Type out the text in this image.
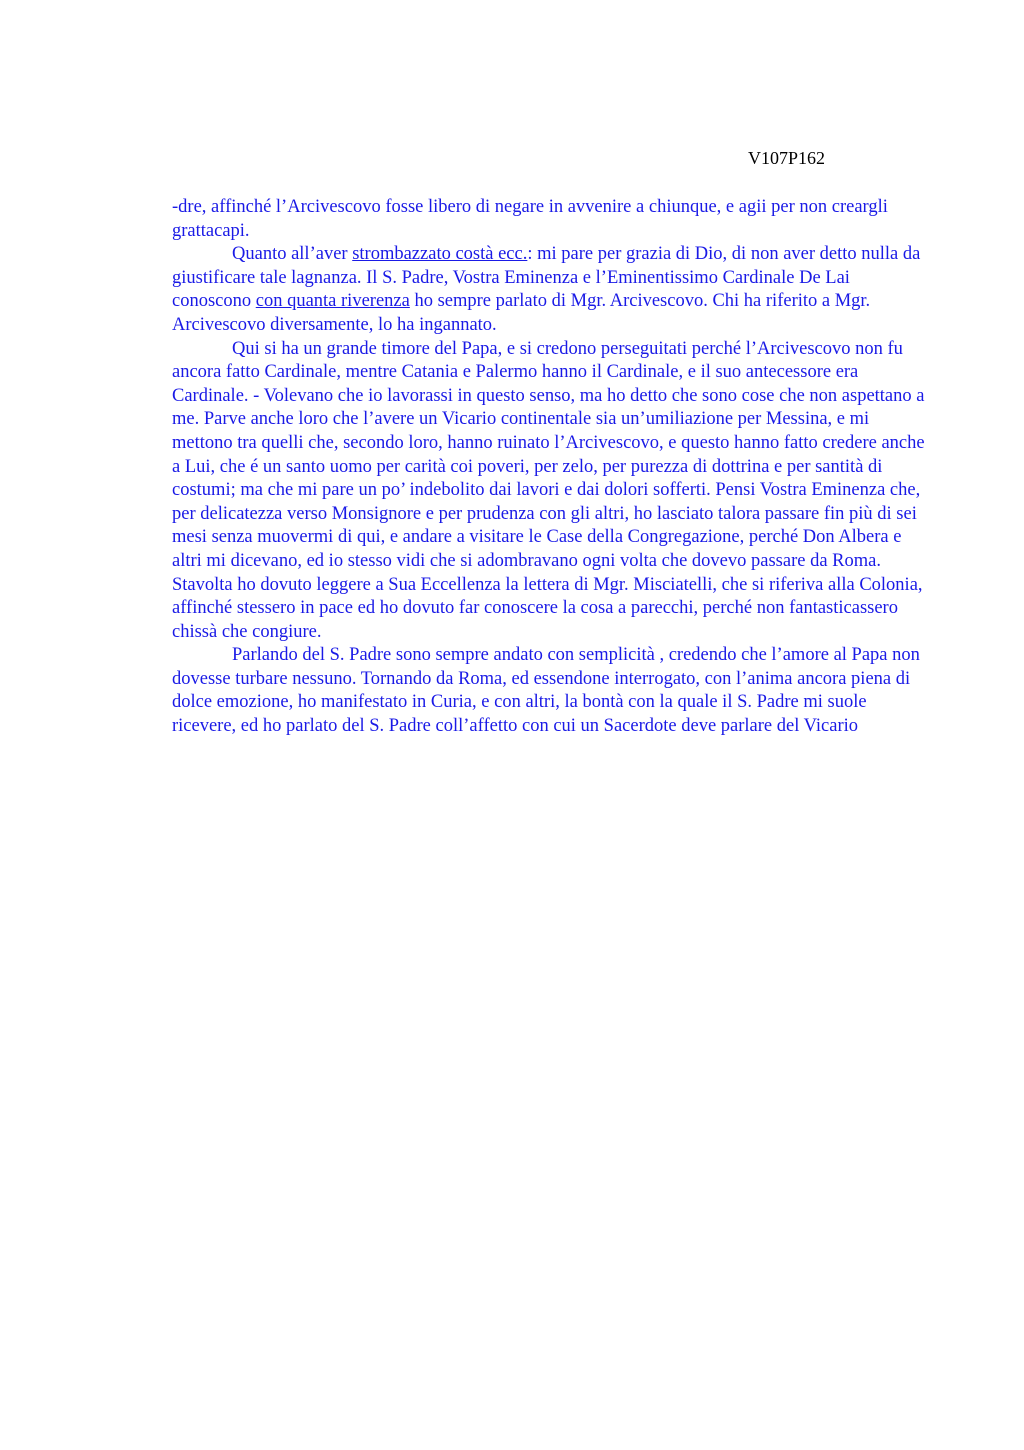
V107P162

-dre, affinché l’Arcivescovo fosse libero di negare in avvenire a chiunque, e agii per non creargli grattacapi.

Quanto all’aver strombazzato costà ecc.: mi pare per grazia di Dio, di non aver detto nulla da giustificare tale lagnanza. Il S. Padre, Vostra Eminenza e l’Eminentissimo Cardinale De Lai conoscono con quanta riverenza ho sempre parlato di Mgr. Arcivescovo. Chi ha riferito a Mgr. Arcivescovo diversamente, lo ha ingannato.

Qui si ha un grande timore del Papa, e si credono perseguitati perché l’Arcivescovo non fu ancora fatto Cardinale, mentre Catania e Palermo hanno il Cardinale, e il suo antecessore era Cardinale. - Volevano che io lavorassi in questo senso, ma ho detto che sono cose che non aspettano a me. Parve anche loro che l’avere un Vicario continentale sia un’umiliazione per Messina, e mi mettono tra quelli che, secondo loro, hanno ruinato l’Arcivescovo, e questo hanno fatto credere anche a Lui, che é un santo uomo per carità coi poveri, per zelo, per purezza di dottrina e per santità di costumi; ma che mi pare un po’ indebolito dai lavori e dai dolori sofferti. Pensi Vostra Eminenza che, per delicatezza verso Monsignore e per prudenza con gli altri, ho lasciato talora passare fin più di sei mesi senza muovermi di qui, e andare a visitare le Case della Congregazione, perché Don Albera e altri mi dicevano, ed io stesso vidi che si adombravano ogni volta che dovevo passare da Roma. Stavolta ho dovuto leggere a Sua Eccellenza la lettera di Mgr. Misciatelli, che si riferiva alla Colonia, affinché stessero in pace ed ho dovuto far conoscere la cosa a parecchi, perché non fantasticassero chissà che congiure.

Parlando del S. Padre sono sempre andato con semplicità , credendo che l’amore al Papa non dovesse turbare nessuno. Tornando da Roma, ed essendone interrogato, con l’anima ancora piena di dolce emozione, ho manifestato in Curia, e con altri, la bontà con la quale il S. Padre mi suole ricevere, ed ho parlato del S. Padre coll’affetto con cui un Sacerdote deve parlare del Vicario
